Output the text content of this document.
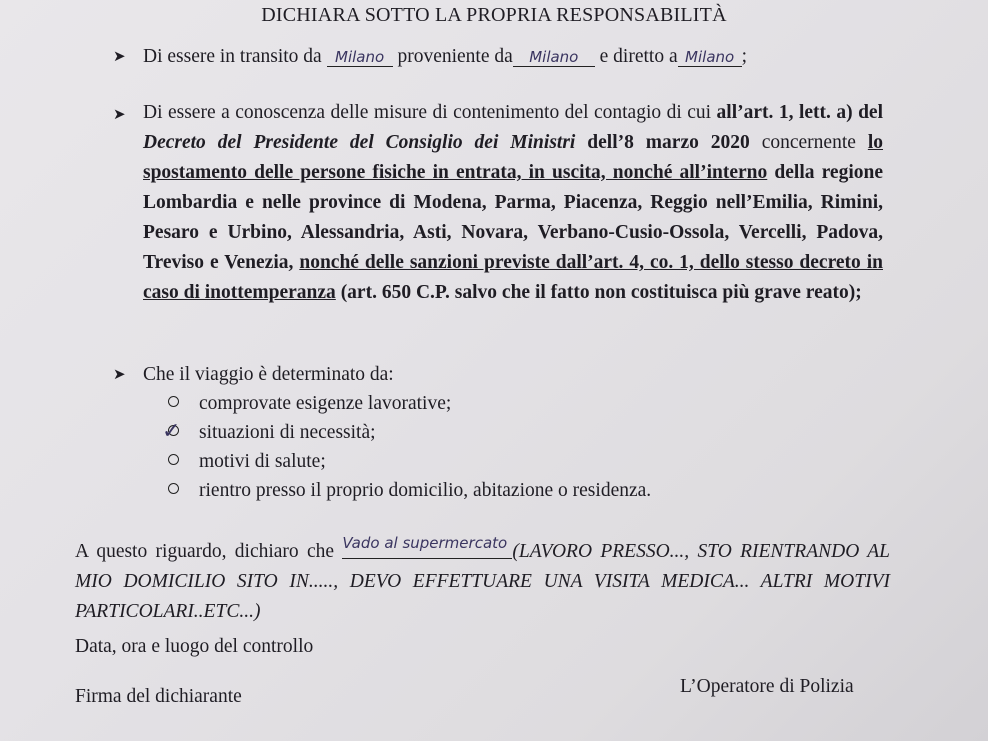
DICHIARA SOTTO LA PROPRIA RESPONSABILITÀ
➤ Di essere in transito da Milano proveniente da Milano e diretto a Milano ;
➤ Di essere a conoscenza delle misure di contenimento del contagio di cui all’art. 1, lett. a) del Decreto del Presidente del Consiglio dei Ministri dell’8 marzo 2020 concernente lo spostamento delle persone fisiche in entrata, in uscita, nonché all’interno della regione Lombardia e nelle province di Modena, Parma, Piacenza, Reggio nell’Emilia, Rimini, Pesaro e Urbino, Alessandria, Asti, Novara, Verbano-Cusio-Ossola, Vercelli, Padova, Treviso e Venezia, nonché delle sanzioni previste dall’art. 4, co. 1, dello stesso decreto in caso di inottemperanza (art. 650 C.P. salvo che il fatto non costituisca più grave reato);
➤ Che il viaggio è determinato da:
comprovate esigenze lavorative;
✓ situazioni di necessità;
motivi di salute;
rientro presso il proprio domicilio, abitazione o residenza.
A questo riguardo, dichiaro che Vado al supermercato (LAVORO PRESSO..., STO RIENTRANDO AL MIO DOMICILIO SITO IN....., DEVO EFFETTUARE UNA VISITA MEDICA... ALTRI MOTIVI PARTICOLARI..ETC...)
Data, ora e luogo del controllo
Firma del dichiarante	L’Operatore di Polizia
